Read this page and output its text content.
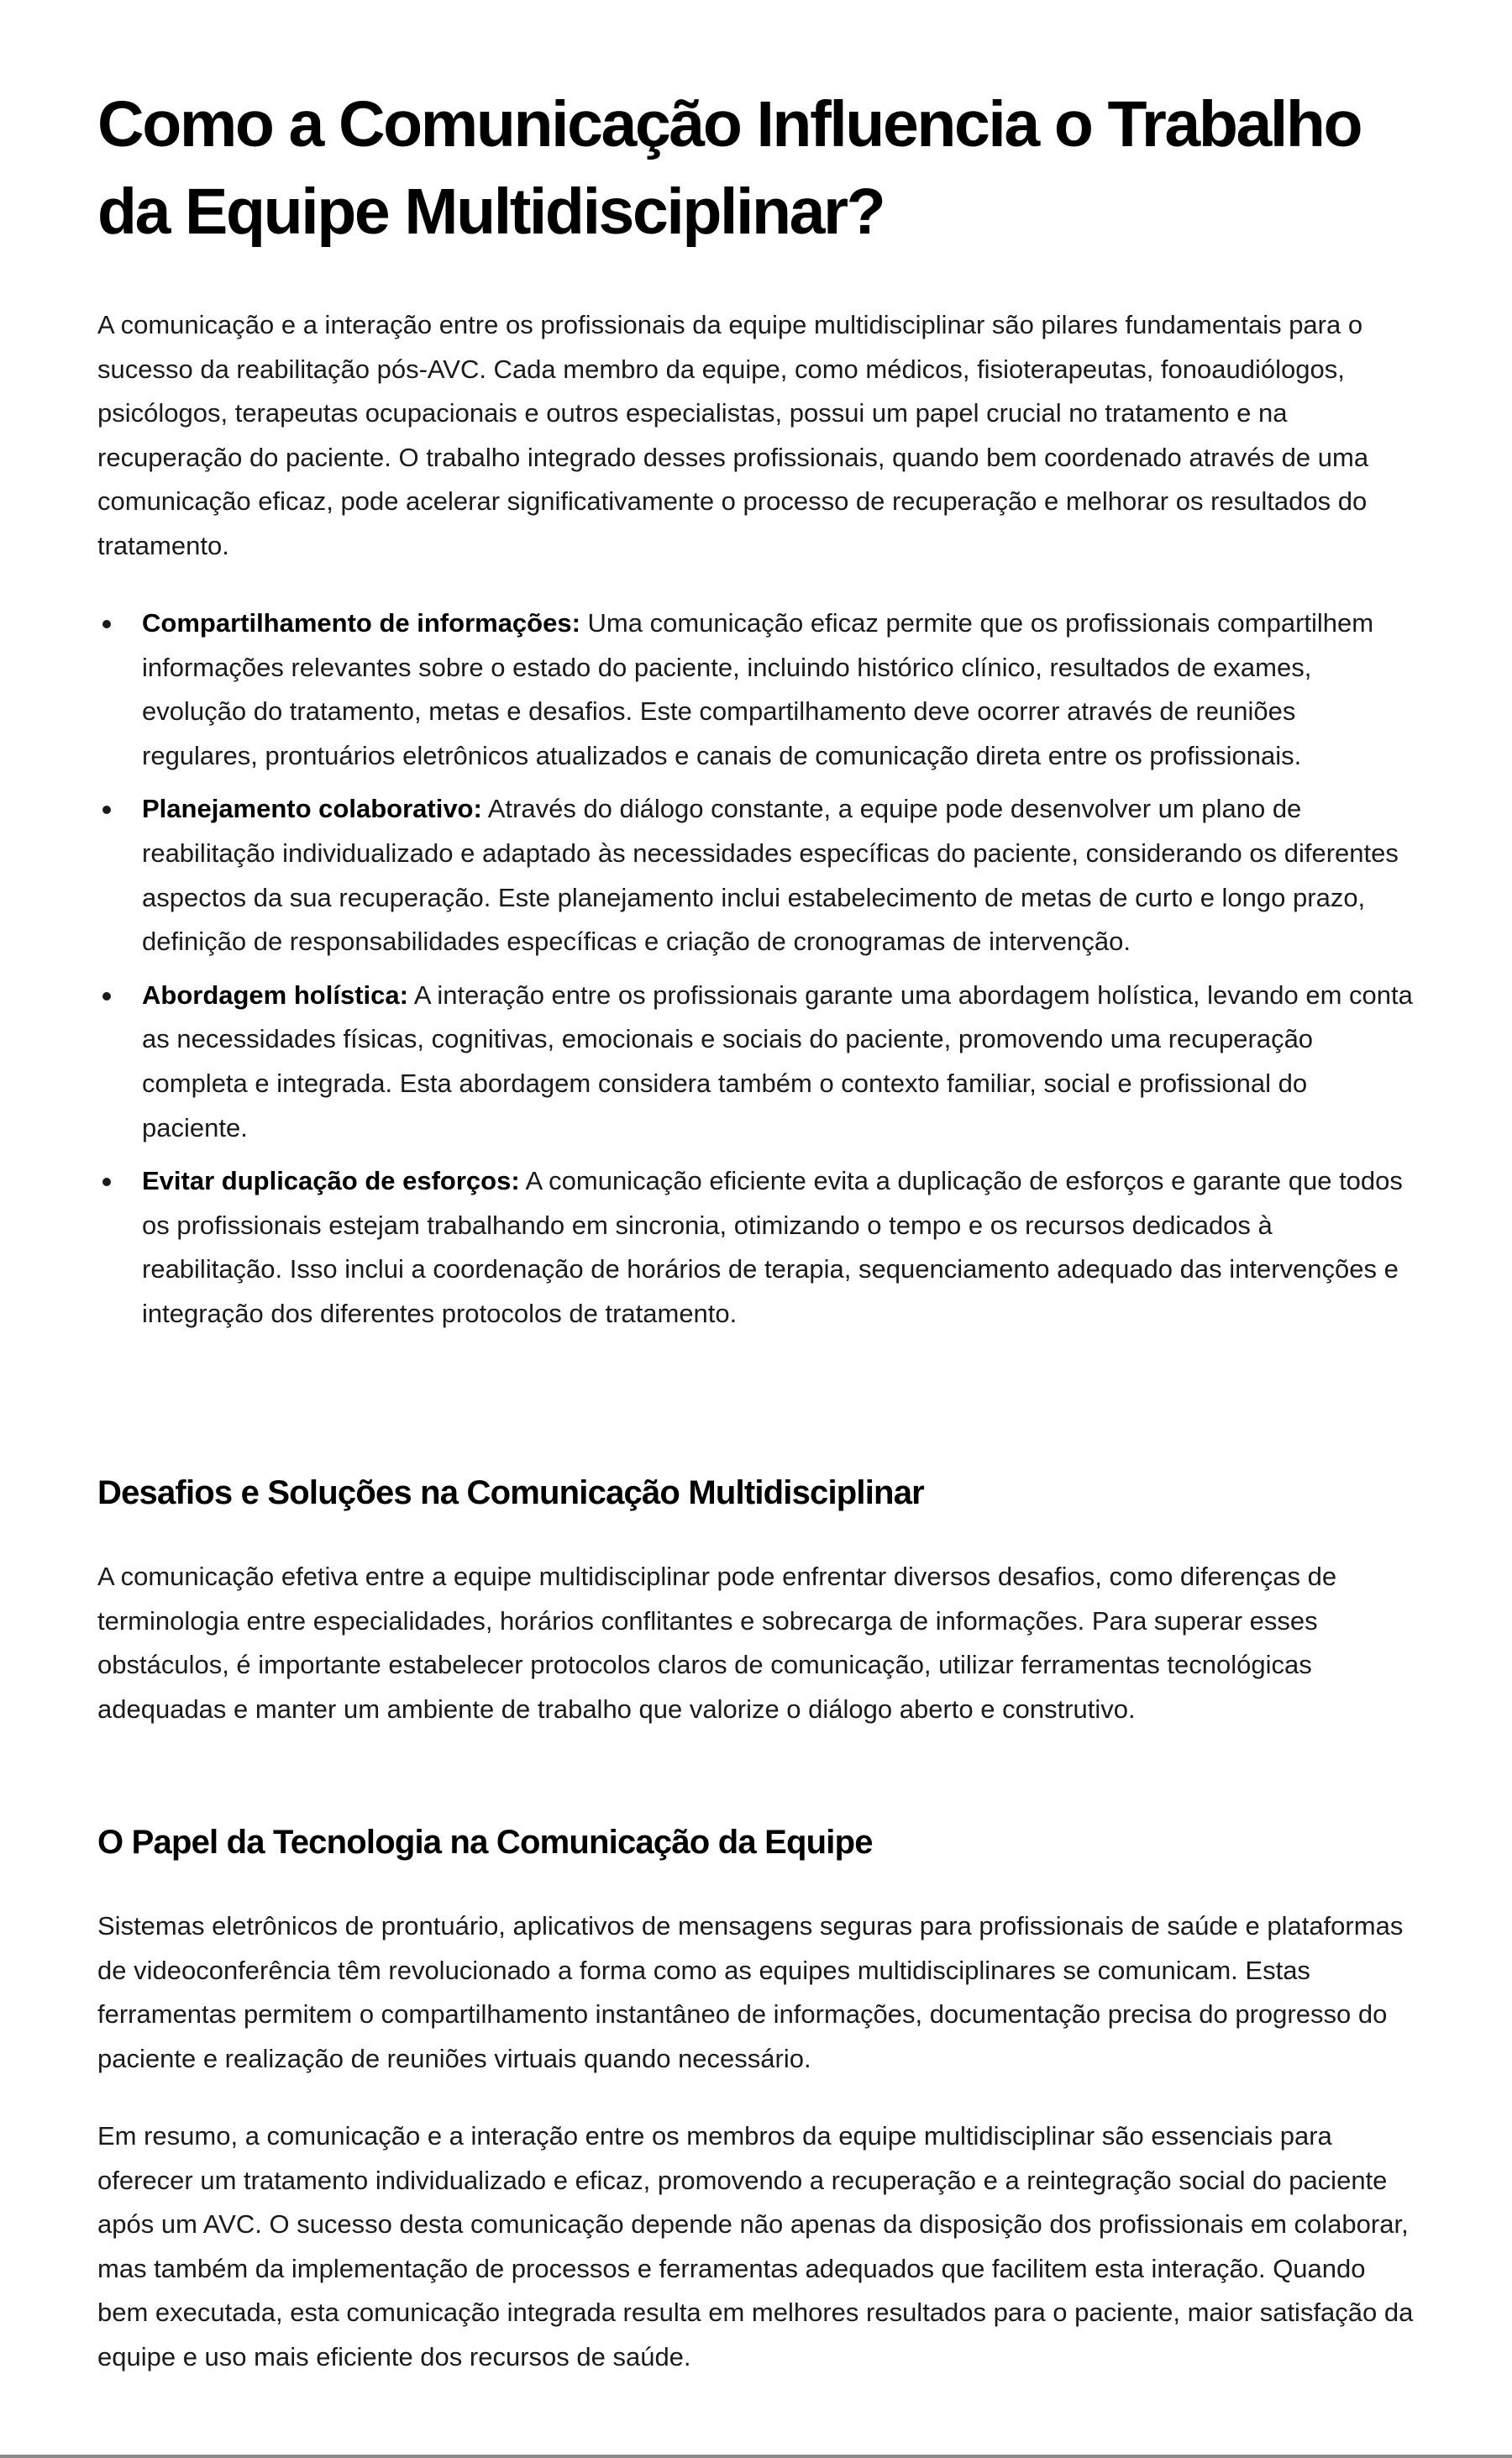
Como a Comunicação Influencia o Trabalho da Equipe Multidisciplinar?

A comunicação e a interação entre os profissionais da equipe multidisciplinar são pilares fundamentais para o sucesso da reabilitação pós-AVC. Cada membro da equipe, como médicos, fisioterapeutas, fonoaudiólogos, psicólogos, terapeutas ocupacionais e outros especialistas, possui um papel crucial no tratamento e na recuperação do paciente. O trabalho integrado desses profissionais, quando bem coordenado através de uma comunicação eficaz, pode acelerar significativamente o processo de recuperação e melhorar os resultados do tratamento.

Compartilhamento de informações: Uma comunicação eficaz permite que os profissionais compartilhem informações relevantes sobre o estado do paciente, incluindo histórico clínico, resultados de exames, evolução do tratamento, metas e desafios. Este compartilhamento deve ocorrer através de reuniões regulares, prontuários eletrônicos atualizados e canais de comunicação direta entre os profissionais.
Planejamento colaborativo: Através do diálogo constante, a equipe pode desenvolver um plano de reabilitação individualizado e adaptado às necessidades específicas do paciente, considerando os diferentes aspectos da sua recuperação. Este planejamento inclui estabelecimento de metas de curto e longo prazo, definição de responsabilidades específicas e criação de cronogramas de intervenção.
Abordagem holística: A interação entre os profissionais garante uma abordagem holística, levando em conta as necessidades físicas, cognitivas, emocionais e sociais do paciente, promovendo uma recuperação completa e integrada. Esta abordagem considera também o contexto familiar, social e profissional do paciente.
Evitar duplicação de esforços: A comunicação eficiente evita a duplicação de esforços e garante que todos os profissionais estejam trabalhando em sincronia, otimizando o tempo e os recursos dedicados à reabilitação. Isso inclui a coordenação de horários de terapia, sequenciamento adequado das intervenções e integração dos diferentes protocolos de tratamento.
Desafios e Soluções na Comunicação Multidisciplinar

A comunicação efetiva entre a equipe multidisciplinar pode enfrentar diversos desafios, como diferenças de terminologia entre especialidades, horários conflitantes e sobrecarga de informações. Para superar esses obstáculos, é importante estabelecer protocolos claros de comunicação, utilizar ferramentas tecnológicas adequadas e manter um ambiente de trabalho que valorize o diálogo aberto e construtivo.

O Papel da Tecnologia na Comunicação da Equipe

Sistemas eletrônicos de prontuário, aplicativos de mensagens seguras para profissionais de saúde e plataformas de videoconferência têm revolucionado a forma como as equipes multidisciplinares se comunicam. Estas ferramentas permitem o compartilhamento instantâneo de informações, documentação precisa do progresso do paciente e realização de reuniões virtuais quando necessário.

Em resumo, a comunicação e a interação entre os membros da equipe multidisciplinar são essenciais para oferecer um tratamento individualizado e eficaz, promovendo a recuperação e a reintegração social do paciente após um AVC. O sucesso desta comunicação depende não apenas da disposição dos profissionais em colaborar, mas também da implementação de processos e ferramentas adequados que facilitem esta interação. Quando bem executada, esta comunicação integrada resulta em melhores resultados para o paciente, maior satisfação da equipe e uso mais eficiente dos recursos de saúde.
